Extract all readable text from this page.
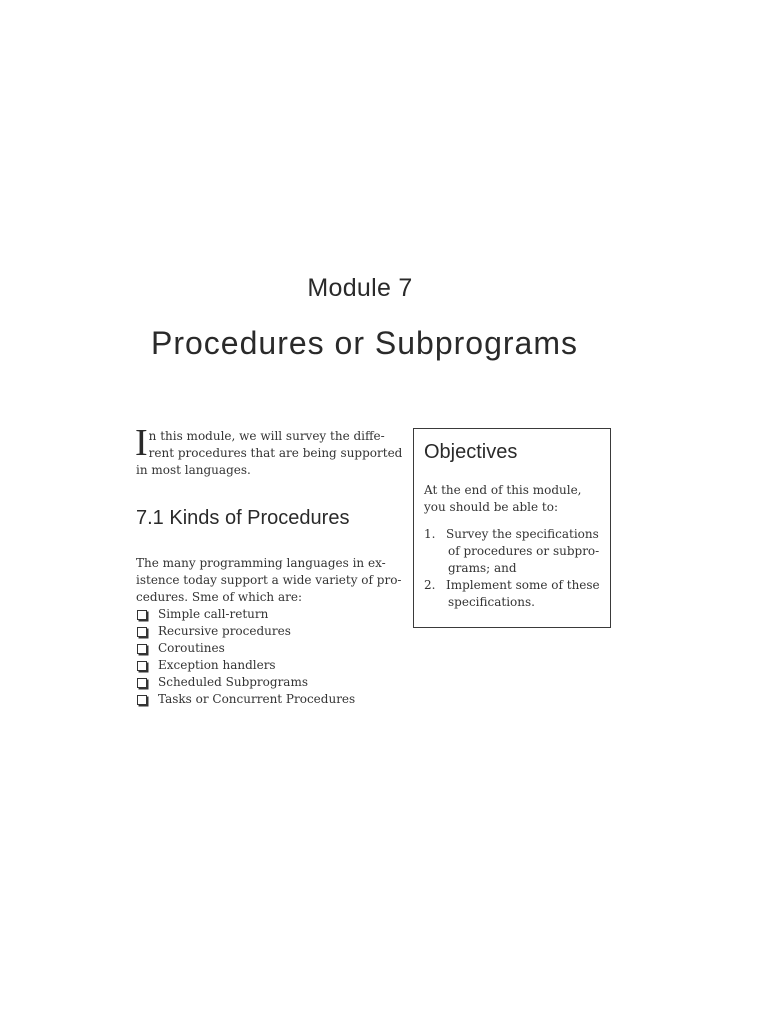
Module 7
Procedures or Subprograms

I n this module, we will survey the diffe-
rent procedures that are being supported
in most languages.

7.1 Kinds of Procedures
The many programming languages in ex-
istence today support a wide variety of pro-
cedures. Sme of which are:
Simple call-return
Recursive procedures
Coroutines
Exception handlers
Scheduled Subprograms
Tasks or Concurrent Procedures
Objectives

At the end of this module,
you should be able to:

1. Survey the specifications
of procedures or subpro-
grams; and
2. Implement some of these
specifications.
